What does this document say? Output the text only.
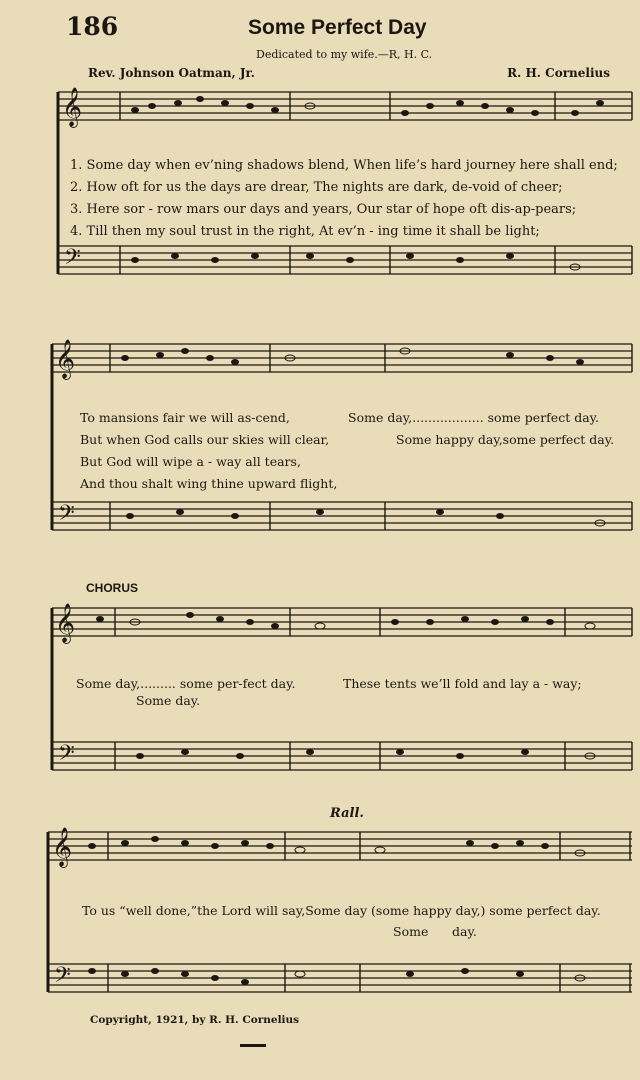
186	Some Perfect Day
Dedicated to my wife.—R, H. C.
Rev. Johnson Oatman, Jr.	R. H. Cornelius
𝄞
𝄢
1. Some day when ev’ning shadows blend, When life’s hard journey here shall end;
2. How oft for us the days are drear, The nights are dark, de-void of cheer;
3. Here sor - row mars our days and years, Our star of hope oft dis-ap-pears;
4. Till then my soul trust in the right, At ev’n - ing time it shall be light;
𝄞
𝄢
To mansions fair we will as-cend,	Some day,.................. some perfect day.
But when God calls our skies will clear,	Some happy day,some perfect day.
But God will wipe a - way all tears,
And thou shalt wing thine upward flight,
CHORUS
𝄞
𝄢
Some day,......... some per-fect day.	These tents we’ll fold and lay a - way;
Some day.
Rall.
𝄞
𝄢
To us “well done,”the Lord will say,Some day (some happy day,) some perfect day.
Some day.
Copyright, 1921, by R. H. Cornelius
